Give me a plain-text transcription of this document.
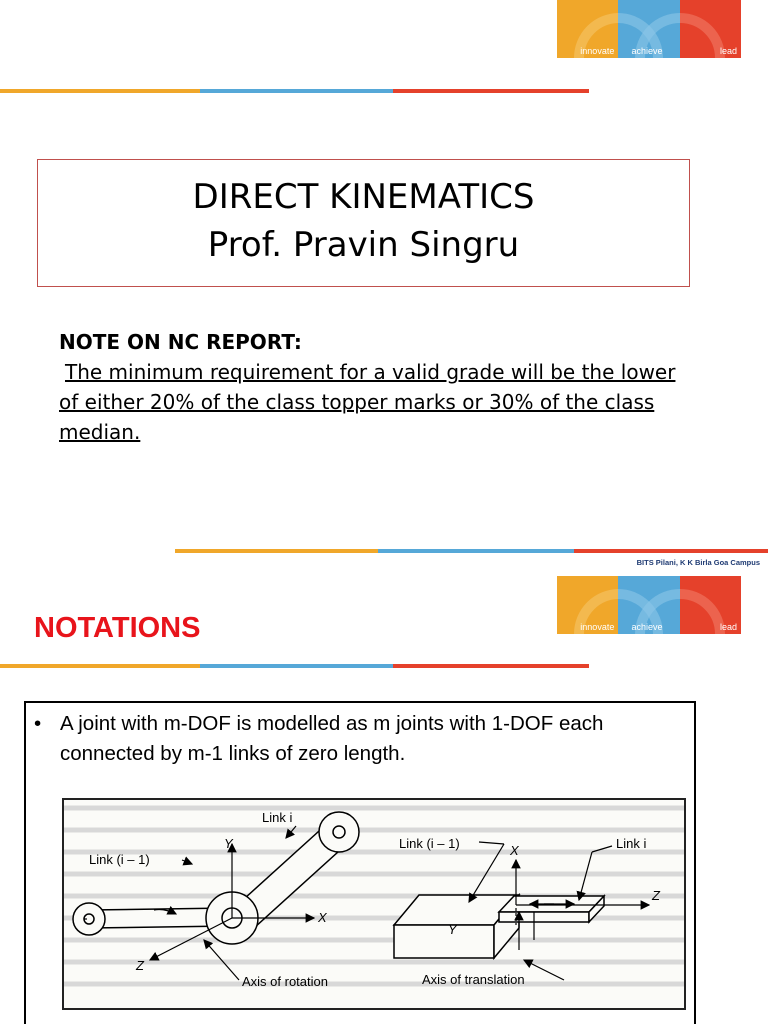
innovate	achieve	lead
DIRECT KINEMATICS
Prof. Pravin Singru
NOTE ON NC REPORT:
The minimum requirement for a valid grade will be the lower of either 20% of the class topper marks or 30% of the class median.
BITS Pilani, K K Birla Goa Campus
innovate	achieve	lead
NOTATIONS
• A joint with m-DOF is modelled as m joints with 1-DOF each connected by m-1 links of zero length.
Link i
Link (i – 1)
Y
X
Z
Axis of rotation
Link (i – 1)	Link i
X
Y
Z
Axis of translation
